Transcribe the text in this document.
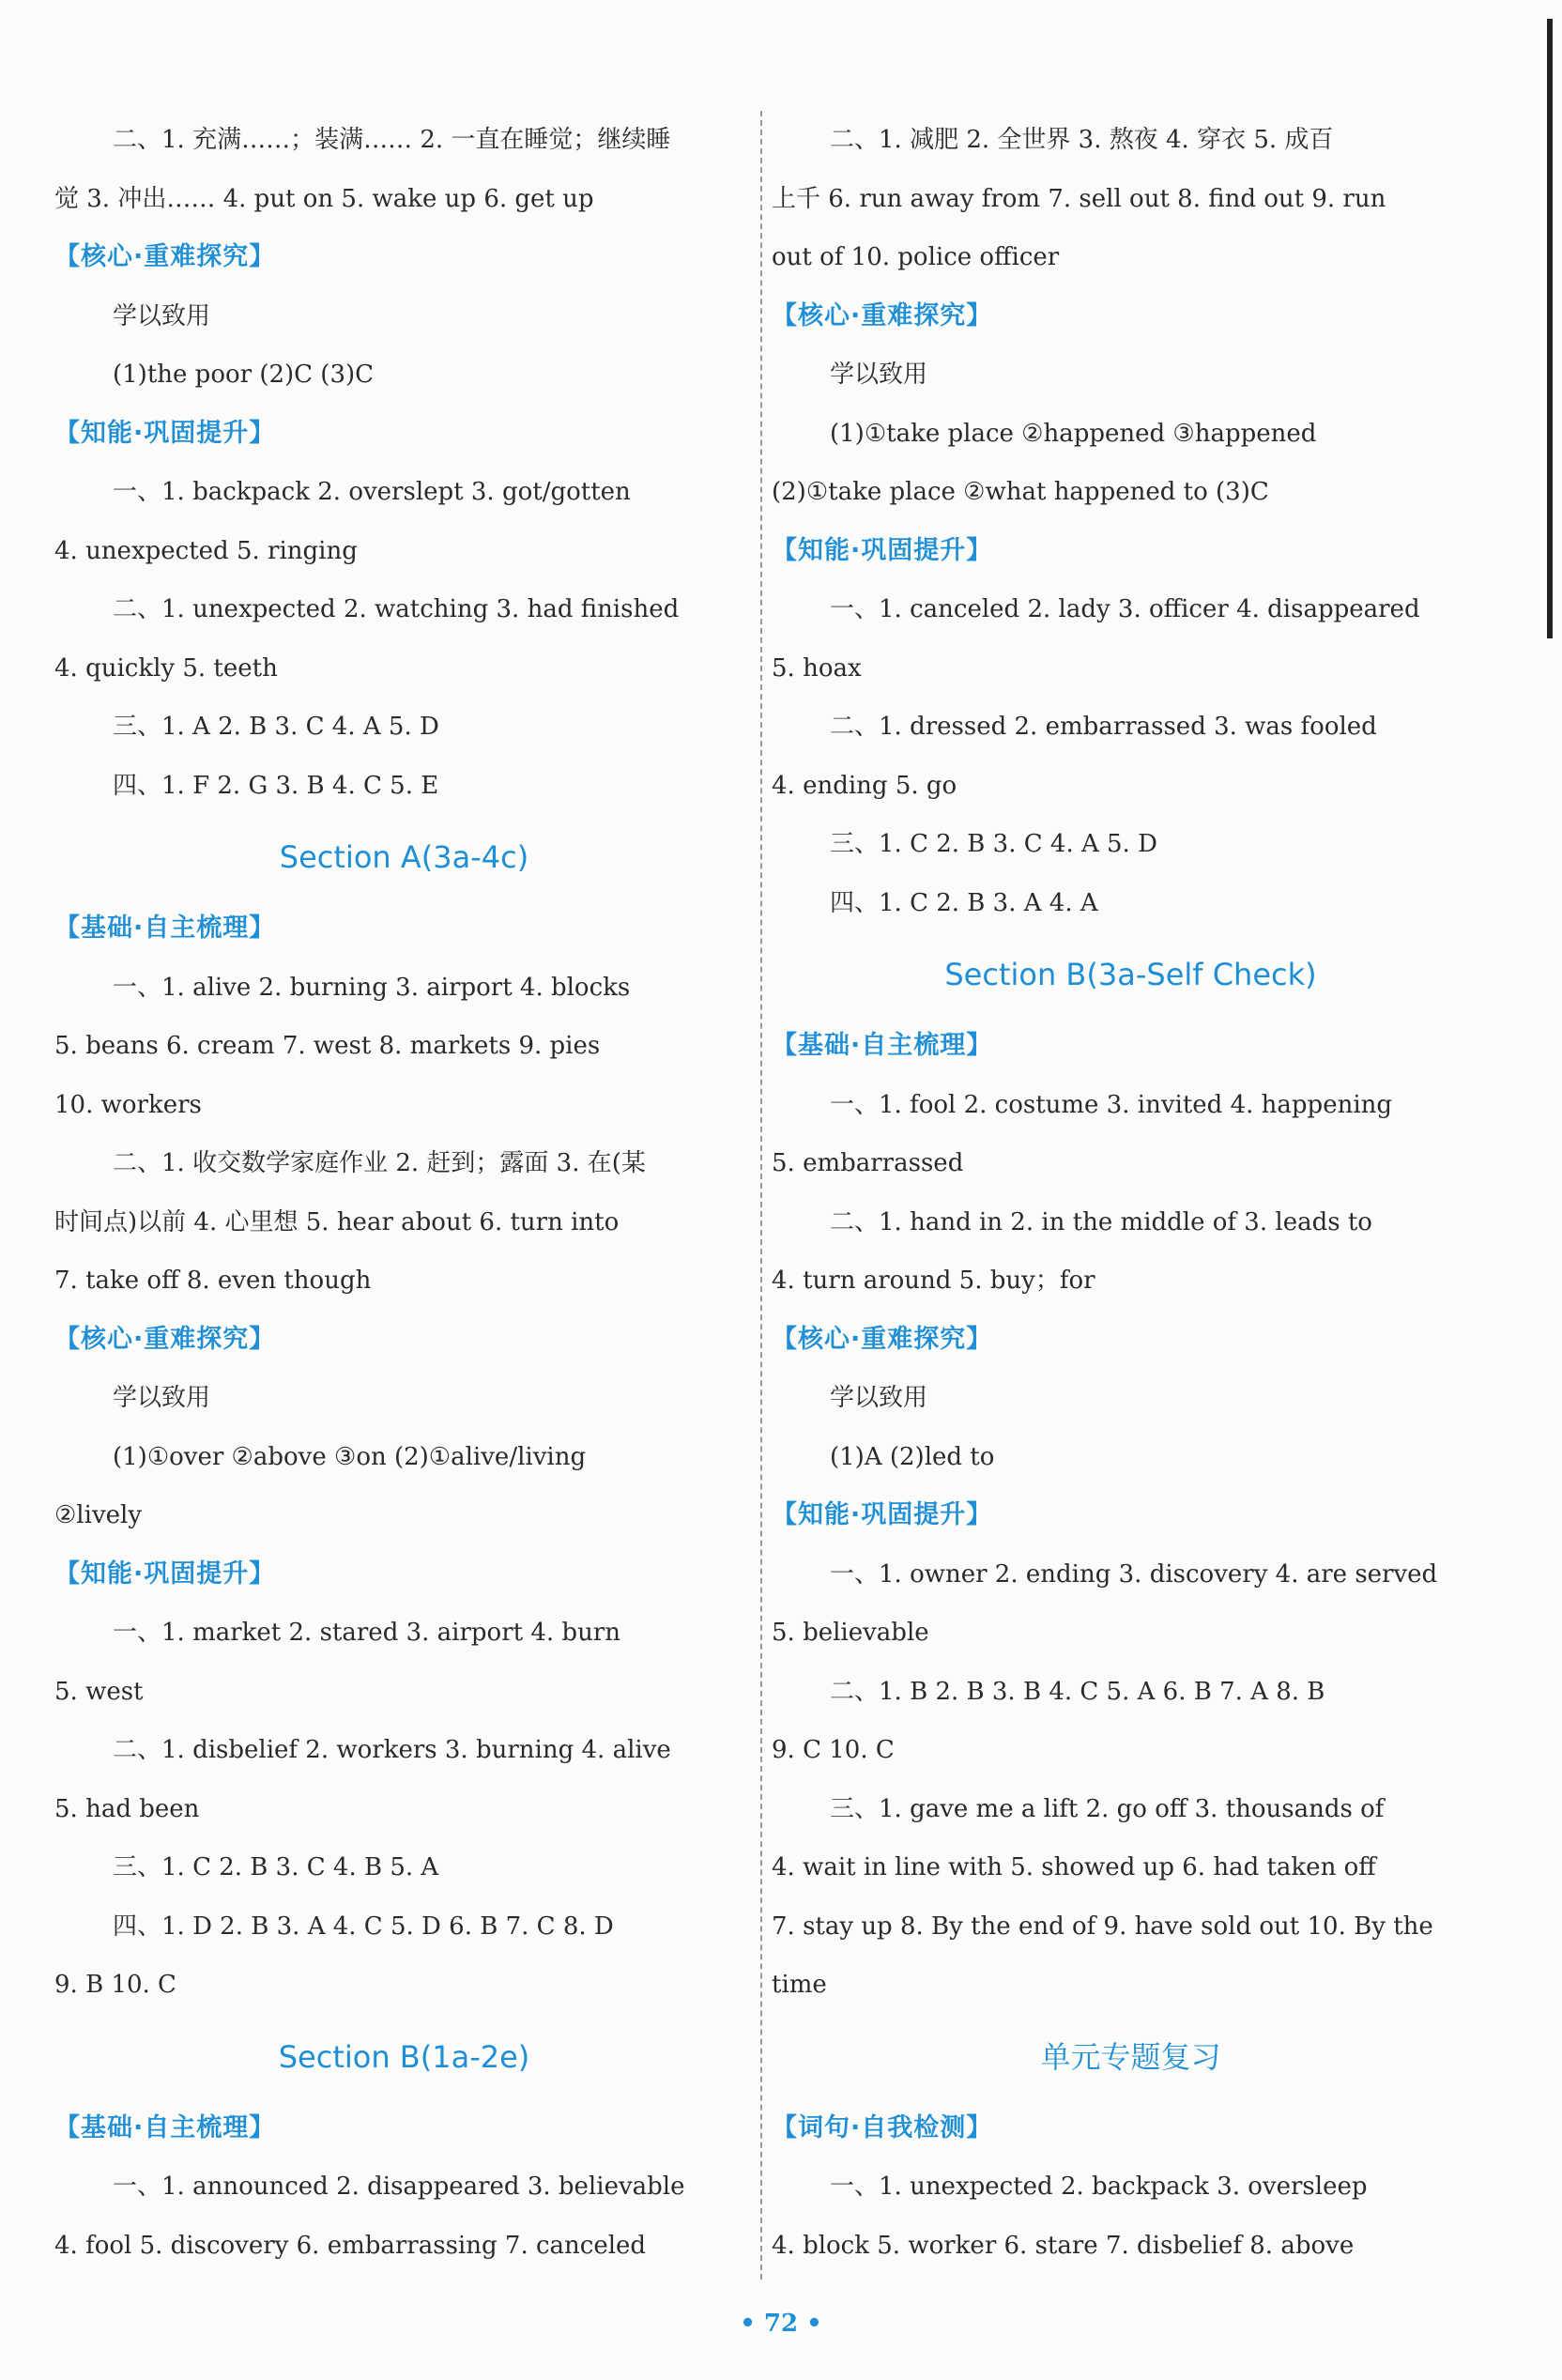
二、1. 充满……；装满…… 2. 一直在睡觉；继续睡
觉 3. 冲出…… 4. put on 5. wake up 6. get up
【核心·重难探究】
学以致用
(1)the poor (2)C (3)C
【知能·巩固提升】
一、1. backpack 2. overslept 3. got/gotten
4. unexpected 5. ringing
二、1. unexpected 2. watching 3. had finished
4. quickly 5. teeth
三、1. A 2. B 3. C 4. A 5. D
四、1. F 2. G 3. B 4. C 5. E
Section A(3a-4c)
【基础·自主梳理】
一、1. alive 2. burning 3. airport 4. blocks
5. beans 6. cream 7. west 8. markets 9. pies
10. workers
二、1. 收交数学家庭作业 2. 赶到；露面 3. 在(某
时间点)以前 4. 心里想 5. hear about 6. turn into
7. take off 8. even though
【核心·重难探究】
学以致用
(1)①over ②above ③on (2)①alive/living
②lively
【知能·巩固提升】
一、1. market 2. stared 3. airport 4. burn
5. west
二、1. disbelief 2. workers 3. burning 4. alive
5. had been
三、1. C 2. B 3. C 4. B 5. A
四、1. D 2. B 3. A 4. C 5. D 6. B 7. C 8. D
9. B 10. C
Section B(1a-2e)
【基础·自主梳理】
一、1. announced 2. disappeared 3. believable
4. fool 5. discovery 6. embarrassing 7. canceled
二、1. 减肥 2. 全世界 3. 熬夜 4. 穿衣 5. 成百
上千 6. run away from 7. sell out 8. find out 9. run
out of 10. police officer
【核心·重难探究】
学以致用
(1)①take place ②happened ③happened
(2)①take place ②what happened to (3)C
【知能·巩固提升】
一、1. canceled 2. lady 3. officer 4. disappeared
5. hoax
二、1. dressed 2. embarrassed 3. was fooled
4. ending 5. go
三、1. C 2. B 3. C 4. A 5. D
四、1. C 2. B 3. A 4. A
Section B(3a-Self Check)
【基础·自主梳理】
一、1. fool 2. costume 3. invited 4. happening
5. embarrassed
二、1. hand in 2. in the middle of 3. leads to
4. turn around 5. buy；for
【核心·重难探究】
学以致用
(1)A (2)led to
【知能·巩固提升】
一、1. owner 2. ending 3. discovery 4. are served
5. believable
二、1. B 2. B 3. B 4. C 5. A 6. B 7. A 8. B
9. C 10. C
三、1. gave me a lift 2. go off 3. thousands of
4. wait in line with 5. showed up 6. had taken off
7. stay up 8. By the end of 9. have sold out 10. By the
time
单元专题复习
【词句·自我检测】
一、1. unexpected 2. backpack 3. oversleep
4. block 5. worker 6. stare 7. disbelief 8. above
• 72 •
